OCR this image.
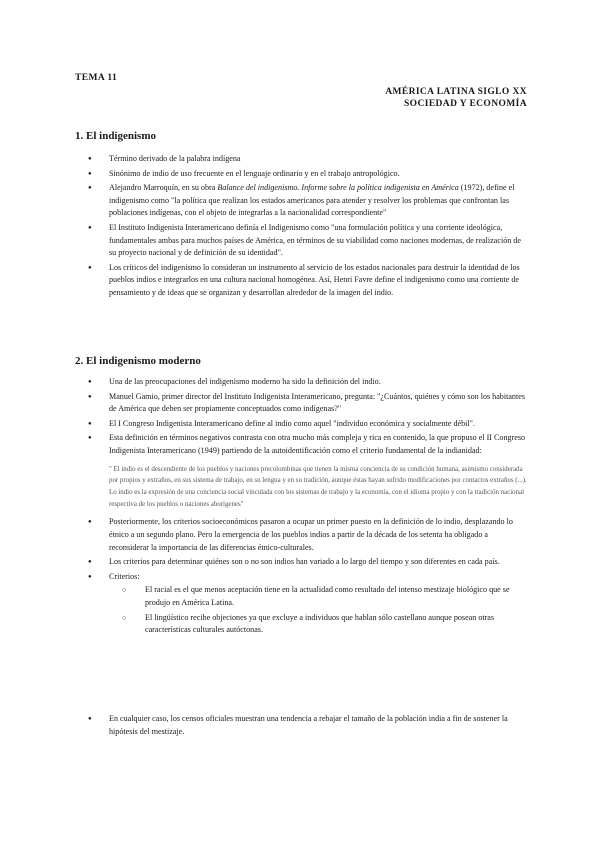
TEMA 11
AMÉRICA LATINA SIGLO XX
SOCIEDAD Y ECONOMÍA
1. El indigenismo
● Término derivado de la palabra indígena
● Sinónimo de indio de uso frecuente en el lenguaje ordinario y en el trabajo antropológico.
● Alejandro Marroquín, en su obra Balance del indigenismo. Informe sobre la política indigenista en América (1972), define el indigenismo como "la política que realizan los estados americanos para atender y resolver los problemas que confrontan las poblaciones indígenas, con el objeto de integrarlas a la nacionalidad correspondiente"
● El Instituto Indigenista Interamericano definía el Indigenismo como "una formulación política y una corriente ideológica, fundamentales ambas para muchos países de América, en términos de su viabilidad como naciones modernas, de realización de su proyecto nacional y de definición de su identidad".
● Los críticos del indigenismo lo consideran un instrumento al servicio de los estados nacionales para destruir la identidad de los pueblos indios e integrarlos en una cultura nacional homogénea. Así, Henri Favre define el indigenismo como una corriente de pensamiento y de ideas que se organizan y desarrollan alrededor de la imagen del indio.
2. El indigenismo moderno
● Una de las preocupaciones del indigenismo moderno ha sido la definición del indio.
● Manuel Gamio, primer director del Instituto Indigenista Interamericano, pregunta: "¿Cuántos, quiénes y cómo son los habitantes de América que deben ser propiamente conceptuados como indígenas?"
● El I Congreso Indigenista Interamericano define al indio como aquel "individuo económica y socialmente débil".
● Esta definición en términos negativos contrasta con otra mucho más compleja y rica en contenido, la que propuso el II Congreso Indigenista Interamericano (1949) partiendo de la autoidentificación como el criterio fundamental de la indianidad:
" El indio es el descendiente de los pueblos y naciones precolombinas que tienen la misma conciencia de su condición humana, asimismo considerada por propios y extraños, en sus sistema de trabajo, en su lengua y en su tradición, aunque éstas hayan sufrido modificaciones por contactos extraños (...). Lo indio es la expresión de una conciencia social vinculada con los sistemas de trabajo y la economía, con el idioma propio y con la tradición nacional respectiva de los pueblos o naciones aborígenes"
● Posteriormente, los criterios socioeconómicos pasaron a ocupar un primer puesto en la definición de lo indio, desplazando lo étnico a un segundo plano. Pero la emergencia de los pueblos indios a partir de la década de los setenta ha obligado a reconsiderar la importancia de las diferencias étnico-culturales.
● Los criterios para determinar quiénes son o no son indios han variado a lo largo del tiempo y son diferentes en cada país.
● Criterios:
○ El racial es el que menos aceptación tiene en la actualidad como resultado del intenso mestizaje biológico que se produjo en América Latina.
○ El lingüístico recibe objeciones ya que excluye a individuos que hablan sólo castellano aunque posean otras características culturales autóctonas.
● En cualquier caso, los censos oficiales muestran una tendencia a rebajar el tamaño de la población india a fin de sostener la hipótesis del mestizaje.
